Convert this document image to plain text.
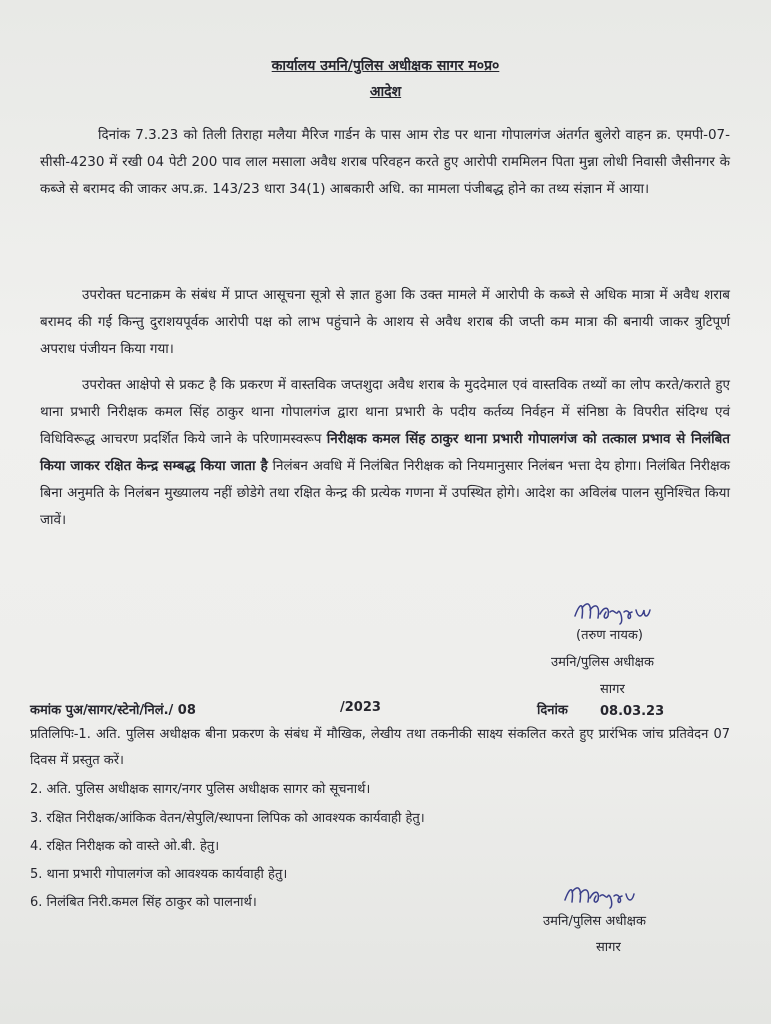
कार्यालय उमनि/पुलिस अधीक्षक सागर म०प्र०
आदेश

दिनांक 7.3.23 को तिली तिराहा मलैया मैरिज गार्डन के पास आम रोड पर थाना गोपालगंज अंतर्गत बुलेरो वाहन क्र. एमपी-07-सीसी-4230 में रखी 04 पेटी 200 पाव लाल मसाला अवैध शराब परिवहन करते हुए आरोपी राममिलन पिता मुन्ना लोधी निवासी जैसीनगर के कब्जे से बरामद की जाकर अप.क्र. 143/23 धारा 34(1) आबकारी अधि. का मामला पंजीबद्ध होने का तथ्य संज्ञान में आया।

उपरोक्त घटनाक्रम के संबंध में प्राप्त आसूचना सूत्रो से ज्ञात हुआ कि उक्त मामले में आरोपी के कब्जे से अधिक मात्रा में अवैध शराब बरामद की गई किन्तु दुराशयपूर्वक आरोपी पक्ष को लाभ पहुंचाने के आशय से अवैध शराब की जप्ती कम मात्रा की बनायी जाकर त्रुटिपूर्ण अपराध पंजीयन किया गया।

उपरोक्त आक्षेपो से प्रकट है कि प्रकरण में वास्तविक जप्तशुदा अवैध शराब के मुददेमाल एवं वास्तविक तथ्यों का लोप करते/कराते हुए थाना प्रभारी निरीक्षक कमल सिंह ठाकुर थाना गोपालगंज द्वारा थाना प्रभारी के पदीय कर्तव्य निर्वहन में संनिष्ठा के विपरीत संदिग्ध एवं विधिविरूद्ध आचरण प्रदर्शित किये जाने के परिणामस्वरूप निरीक्षक कमल सिंह ठाकुर थाना प्रभारी गोपालगंज को तत्काल प्रभाव से निलंबित किया जाकर रक्षित केन्द्र सम्बद्ध किया जाता है निलंबन अवधि में निलंबित निरीक्षक को नियमानुसार निलंबन भत्ता देय होगा। निलंबित निरीक्षक बिना अनुमति के निलंबन मुख्यालय नहीं छोडेगे तथा रक्षित केन्द्र की प्रत्येक गणना में उपस्थित होगे। आदेश का अविलंब पालन सुनिश्चित किया जावें।

(तरुण नायक)
उमनि/पुलिस अधीक्षक
सागर
कमांक पुअ/सागर/स्टेनो/निलं./ 08	/2023	दिनांक 08.03.23

प्रतिलिपिः-1. अति. पुलिस अधीक्षक बीना प्रकरण के संबंध में मौखिक, लेखीय तथा तकनीकी साक्ष्य संकलित करते हुए प्रारंभिक जांच प्रतिवेदन 07 दिवस में प्रस्तुत करें।

2. अति. पुलिस अधीक्षक सागर/नगर पुलिस अधीक्षक सागर को सूचनार्थ।
3. रक्षित निरीक्षक/आंकिक वेतन/सेपुलि/स्थापना लिपिक को आवश्यक कार्यवाही हेतु।
4. रक्षित निरीक्षक को वास्ते ओ.बी. हेतु।
5. थाना प्रभारी गोपालगंज को आवश्यक कार्यवाही हेतु।
6. निलंबित निरी.कमल सिंह ठाकुर को पालनार्थ।
उमनि/पुलिस अधीक्षक
सागर
